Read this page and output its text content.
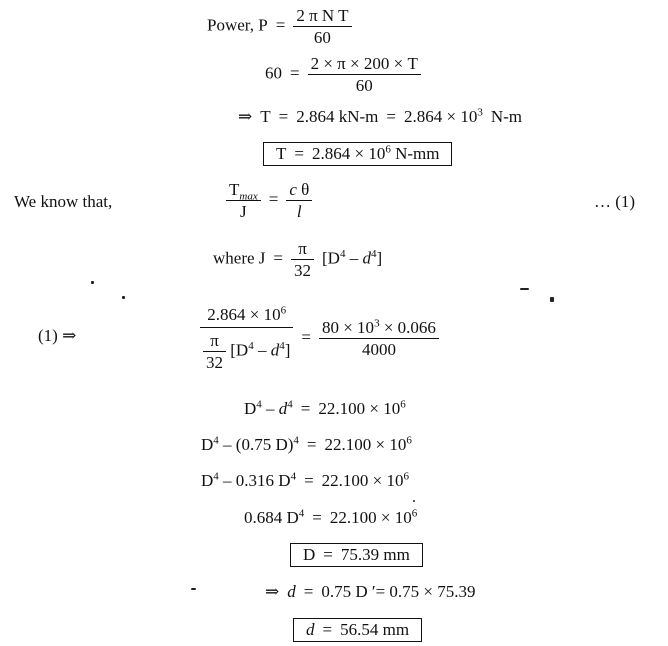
Power, $P = \frac{\text{2 π N T}}{60}$
$60 = \frac{2 \times \pi \times 200 \times T}{60}$
⇒ T = 2.864 $kN-m = 2.864 \times 10^3$ N-m
$T = 2.864 \times 10^6$ N-mm
We know that,	$\frac{T_{max}}{J} = \frac{\text{c θ}}{l}$	… (1)
where $J = \frac{\pi}{32} [D^4 - d^4]$
(1) ⇒	$\frac{2.864 \times 10^6}{\frac{\pi}{32} [D^4 - d^4]} = \frac{80 \times 10^3 \times 0.066}{4000}$
$D^4 - d^4 = 22.100 \times 10^6$
$D^4 - (0.75$ $D)^4 = 22.100 \times 10^6$
$D^4 - 0.316$ $D^4 = 22.100 \times 10^6$
0.684 $D^4 = 22.100 \times 10^6$
D = 75.39 mm
⇒ d = 0.75 D ʹ= 0.75 × 75.39
d = 56.54 mm
